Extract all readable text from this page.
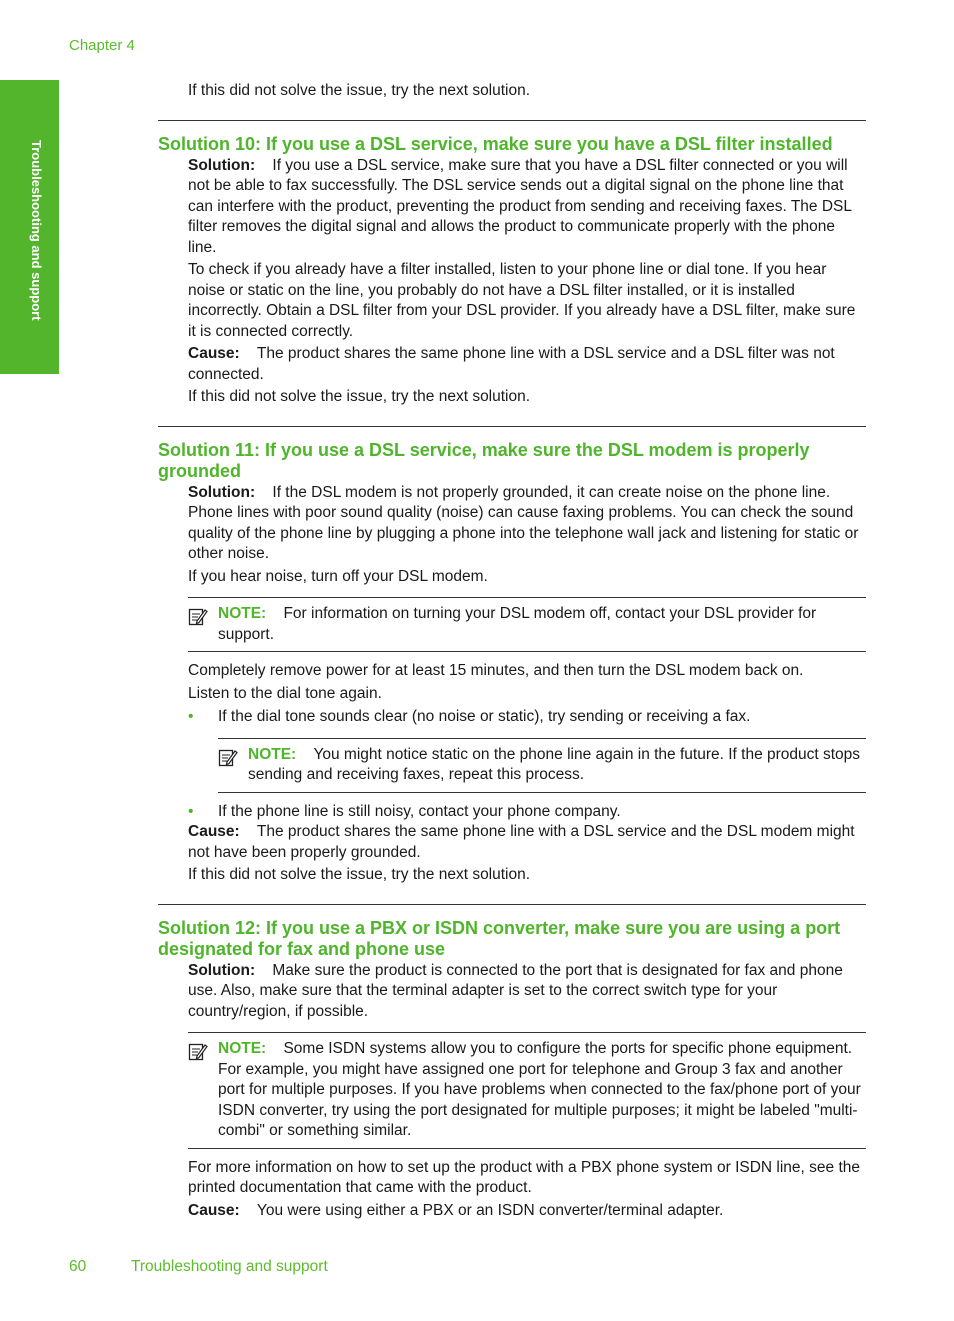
Chapter 4
Troubleshooting and support

If this did not solve the issue, try the next solution.

Solution 10: If you use a DSL service, make sure you have a DSL filter installed

Solution: If you use a DSL service, make sure that you have a DSL filter connected or you will not be able to fax successfully. The DSL service sends out a digital signal on the phone line that can interfere with the product, preventing the product from sending and receiving faxes. The DSL filter removes the digital signal and allows the product to communicate properly with the phone line.

To check if you already have a filter installed, listen to your phone line or dial tone. If you hear noise or static on the line, you probably do not have a DSL filter installed, or it is installed incorrectly. Obtain a DSL filter from your DSL provider. If you already have a DSL filter, make sure it is connected correctly.

Cause: The product shares the same phone line with a DSL service and a DSL filter was not connected.

If this did not solve the issue, try the next solution.

Solution 11: If you use a DSL service, make sure the DSL modem is properly grounded

Solution: If the DSL modem is not properly grounded, it can create noise on the phone line. Phone lines with poor sound quality (noise) can cause faxing problems. You can check the sound quality of the phone line by plugging a phone into the telephone wall jack and listening for static or other noise.

If you hear noise, turn off your DSL modem.

NOTE: For information on turning your DSL modem off, contact your DSL provider for support.

Completely remove power for at least 15 minutes, and then turn the DSL modem back on.

Listen to the dial tone again.

•	If the dial tone sounds clear (no noise or static), try sending or receiving a fax.
NOTE: You might notice static on the phone line again in the future. If the product stops sending and receiving faxes, repeat this process.
•	If the phone line is still noisy, contact your phone company.

Cause: The product shares the same phone line with a DSL service and the DSL modem might not have been properly grounded.

If this did not solve the issue, try the next solution.

Solution 12: If you use a PBX or ISDN converter, make sure you are using a port designated for fax and phone use

Solution: Make sure the product is connected to the port that is designated for fax and phone use. Also, make sure that the terminal adapter is set to the correct switch type for your country/region, if possible.

NOTE: Some ISDN systems allow you to configure the ports for specific phone equipment. For example, you might have assigned one port for telephone and Group 3 fax and another port for multiple purposes. If you have problems when connected to the fax/phone port of your ISDN converter, try using the port designated for multiple purposes; it might be labeled "multi-combi" or something similar.

For more information on how to set up the product with a PBX phone system or ISDN line, see the printed documentation that came with the product.

Cause: You were using either a PBX or an ISDN converter/terminal adapter.

60	Troubleshooting and support
